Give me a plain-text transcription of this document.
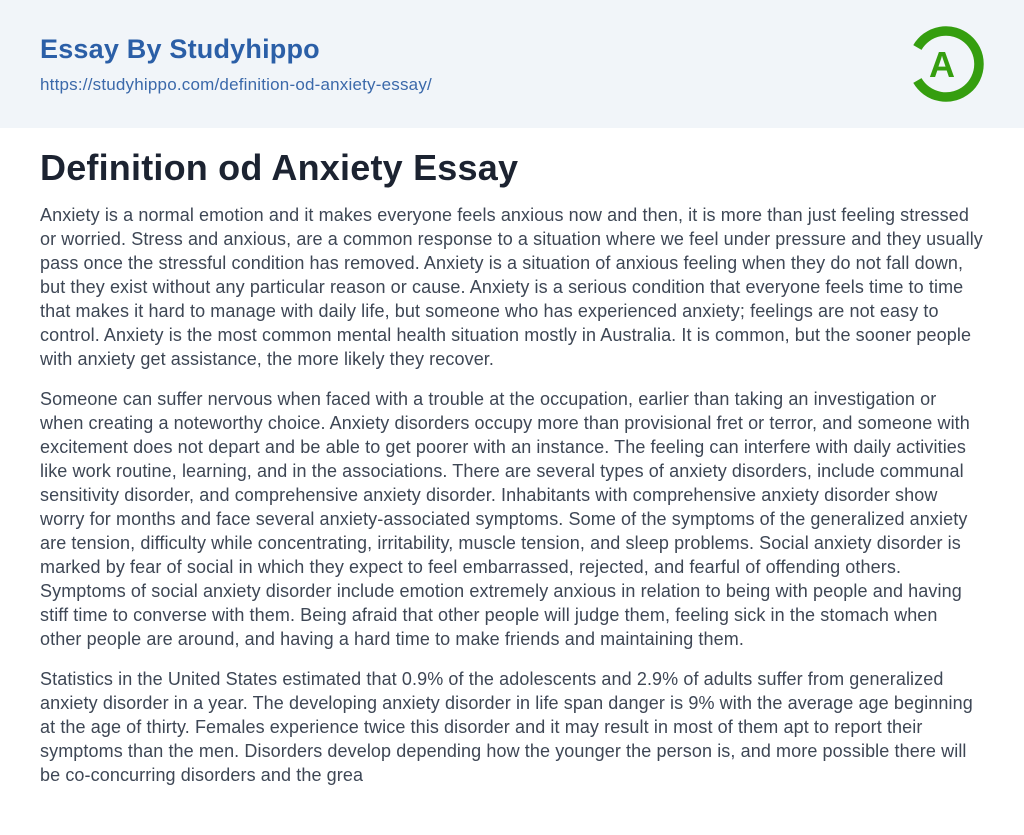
Essay By Studyhippo
https://studyhippo.com/definition-od-anxiety-essay/	A
Definition od Anxiety Essay

Anxiety is a normal emotion and it makes everyone feels anxious now and then, it is more than just feeling stressed or worried. Stress and anxious, are a common response to a situation where we feel under pressure and they usually pass once the stressful condition has removed. Anxiety is a situation of anxious feeling when they do not fall down, but they exist without any particular reason or cause. Anxiety is a serious condition that everyone feels time to time that makes it hard to manage with daily life, but someone who has experienced anxiety; feelings are not easy to control. Anxiety is the most common mental health situation mostly in Australia. It is common, but the sooner people with anxiety get assistance, the more likely they recover.

Someone can suffer nervous when faced with a trouble at the occupation, earlier than taking an investigation or when creating a noteworthy choice. Anxiety disorders occupy more than provisional fret or terror, and someone with excitement does not depart and be able to get poorer with an instance. The feeling can interfere with daily activities like work routine, learning, and in the associations. There are several types of anxiety disorders, include communal sensitivity disorder, and comprehensive anxiety disorder. Inhabitants with comprehensive anxiety disorder show worry for months and face several anxiety-associated symptoms. Some of the symptoms of the generalized anxiety are tension, difficulty while concentrating, irritability, muscle tension, and sleep problems. Social anxiety disorder is marked by fear of social in which they expect to feel embarrassed, rejected, and fearful of offending others. Symptoms of social anxiety disorder include emotion extremely anxious in relation to being with people and having stiff time to converse with them. Being afraid that other people will judge them, feeling sick in the stomach when other people are around, and having a hard time to make friends and maintaining them.

Statistics in the United States estimated that 0.9% of the adolescents and 2.9% of adults suffer from generalized anxiety disorder in a year. The developing anxiety disorder in life span danger is 9% with the average age beginning at the age of thirty. Females experience twice this disorder and it may result in most of them apt to report their symptoms than the men. Disorders develop depending how the younger the person is, and more possible there will be co-concurring disorders and the grea
